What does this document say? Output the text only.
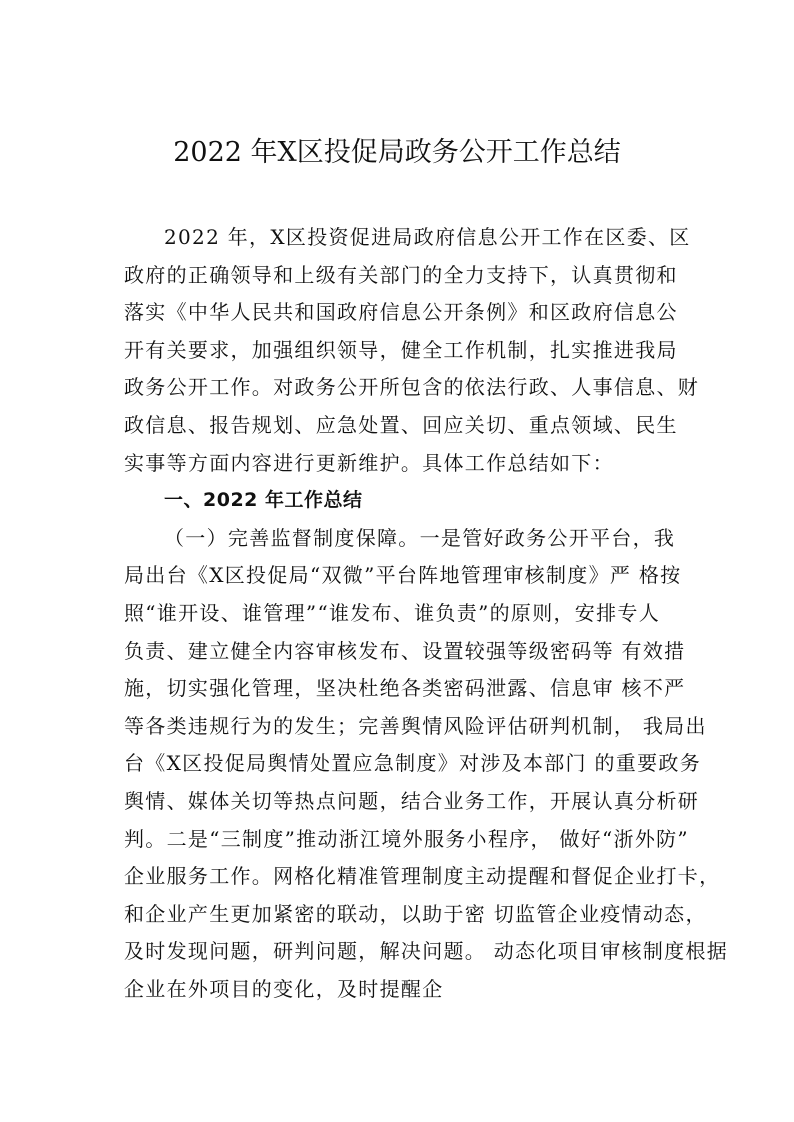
2022 年X区投促局政务公开工作总结
2022 年，X区投资促进局政府信息公开工作在区委、区
政府的正确领导和上级有关部门的全力支持下，认真贯彻和
落实《中华人民共和国政府信息公开条例》和区政府信息公
开有关要求，加强组织领导，健全工作机制，扎实推进我局
政务公开工作。对政务公开所包含的依法行政、人事信息、财
政信息、报告规划、应急处置、回应关切、重点领域、民生
实事等方面内容进行更新维护。具体工作总结如下：
一、2022 年工作总结
（一）完善监督制度保障。一是管好政务公开平台，我
局出台《X区投促局“双微”平台阵地管理审核制度》严 格按
照“谁开设、谁管理”“谁发布、谁负责”的原则，安排专人
负责、建立健全内容审核发布、设置较强等级密码等 有效措
施，切实强化管理，坚决杜绝各类密码泄露、信息审 核不严
等各类违规行为的发生；完善舆情风险评估研判机制， 我局出
台《X区投促局舆情处置应急制度》对涉及本部门 的重要政务
舆情、媒体关切等热点问题，结合业务工作，开展认真分析研
判。二是“三制度”推动浙江境外服务小程序， 做好“浙外防”
企业服务工作。网格化精准管理制度主动提醒和督促企业打卡，
和企业产生更加紧密的联动，以助于密 切监管企业疫情动态，
及时发现问题，研判问题，解决问题。 动态化项目审核制度根据
企业在外项目的变化，及时提醒企
